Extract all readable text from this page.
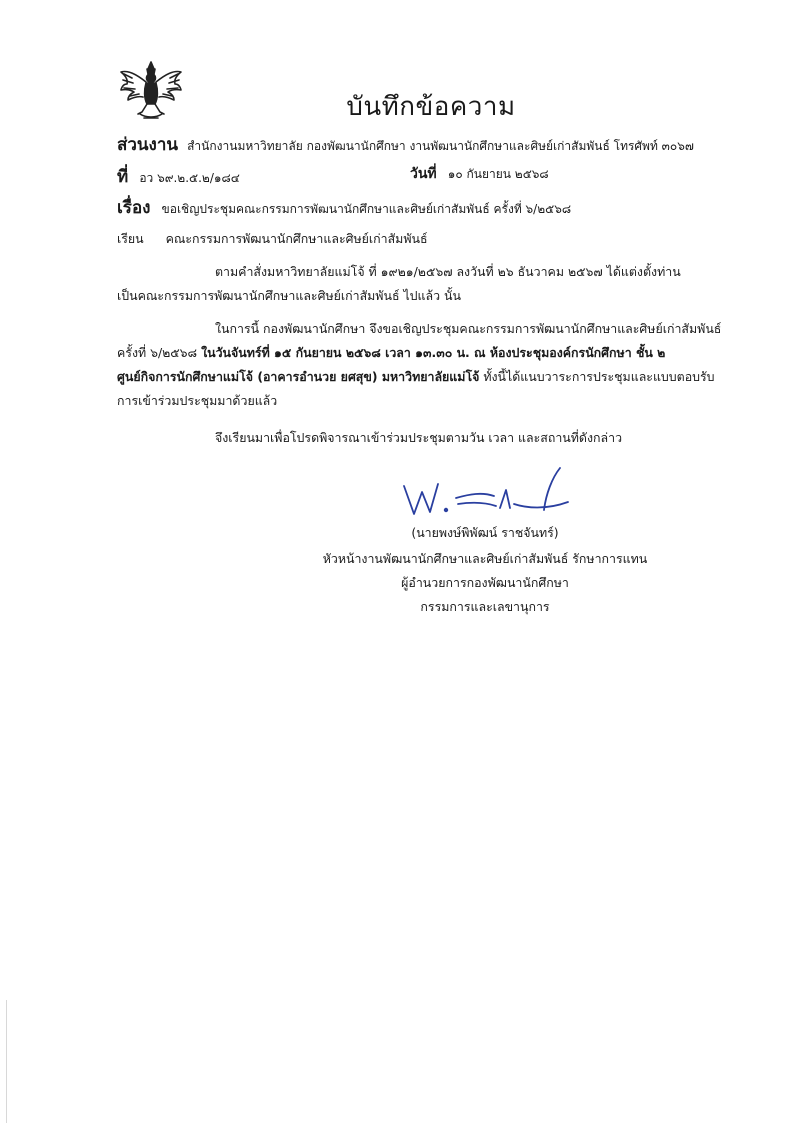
บันทึกข้อความ
ส่วนงาน สำนักงานมหาวิทยาลัย กองพัฒนานักศึกษา งานพัฒนานักศึกษาและศิษย์เก่าสัมพันธ์ โทรศัพท์ ๓๐๖๗
ที่ อว ๖๙.๒.๕.๒/๑๘๔	วันที่ ๑๐ กันยายน ๒๕๖๘
เรื่อง ขอเชิญประชุมคณะกรรมการพัฒนานักศึกษาและศิษย์เก่าสัมพันธ์ ครั้งที่ ๖/๒๕๖๘
เรียน คณะกรรมการพัฒนานักศึกษาและศิษย์เก่าสัมพันธ์
ตามคำสั่งมหาวิทยาลัยแม่โจ้ ที่ ๑๙๒๑/๒๕๖๗ ลงวันที่ ๒๖ ธันวาคม ๒๕๖๗ ได้แต่งตั้งท่าน
เป็นคณะกรรมการพัฒนานักศึกษาและศิษย์เก่าสัมพันธ์ ไปแล้ว นั้น
ในการนี้ กองพัฒนานักศึกษา จึงขอเชิญประชุมคณะกรรมการพัฒนานักศึกษาและศิษย์เก่าสัมพันธ์
ครั้งที่ ๖/๒๕๖๘ ในวันจันทร์ที่ ๑๕ กันยายน ๒๕๖๘ เวลา ๑๓.๓๐ น. ณ ห้องประชุมองค์กรนักศึกษา ชั้น ๒
ศูนย์กิจการนักศึกษาแม่โจ้ (อาคารอำนวย ยศสุข) มหาวิทยาลัยแม่โจ้ ทั้งนี้ได้แนบวาระการประชุมและแบบตอบรับ
การเข้าร่วมประชุมมาด้วยแล้ว
จึงเรียนมาเพื่อโปรดพิจารณาเข้าร่วมประชุมตามวัน เวลา และสถานที่ดังกล่าว
(นายพงษ์พิพัฒน์ ราชจันทร์)
หัวหน้างานพัฒนานักศึกษาและศิษย์เก่าสัมพันธ์ รักษาการแทน
ผู้อำนวยการกองพัฒนานักศึกษา
กรรมการและเลขานุการ
